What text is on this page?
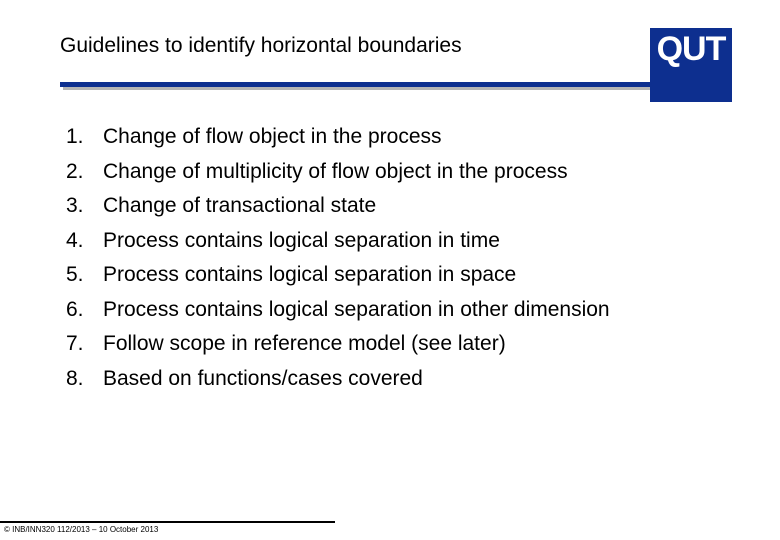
Guidelines to identify horizontal boundaries	QUT
1. Change of flow object in the process
2. Change of multiplicity of flow object in the process
3. Change of transactional state
4. Process contains logical separation in time
5. Process contains logical separation in space
6. Process contains logical separation in other dimension
7. Follow scope in reference model (see later)
8. Based on functions/cases covered
© INB/INN320 112/2013 – 10 October 2013
